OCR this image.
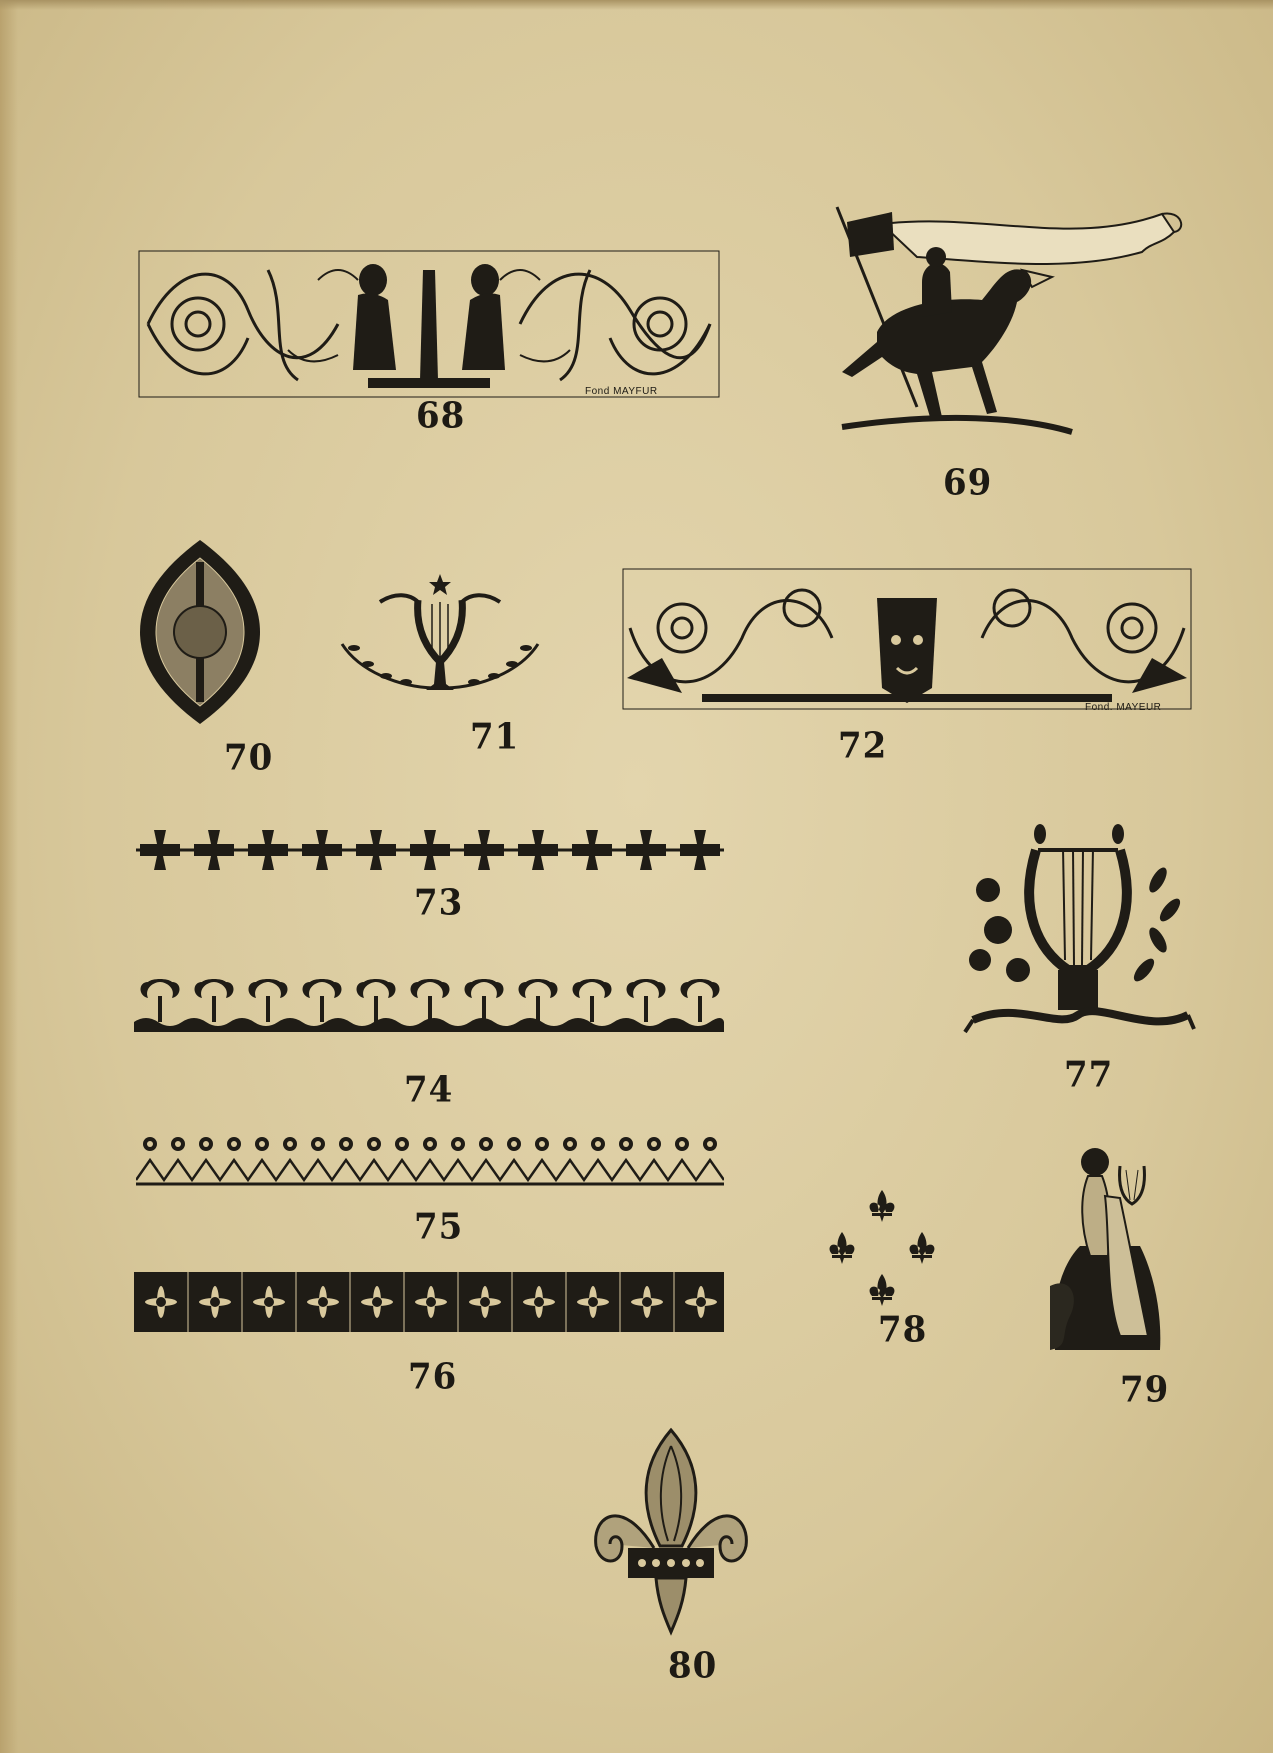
Fond MAYFUR
68
69
70	71
Fond. MAYEUR
72
73
74
75
76
77
78
79
80
